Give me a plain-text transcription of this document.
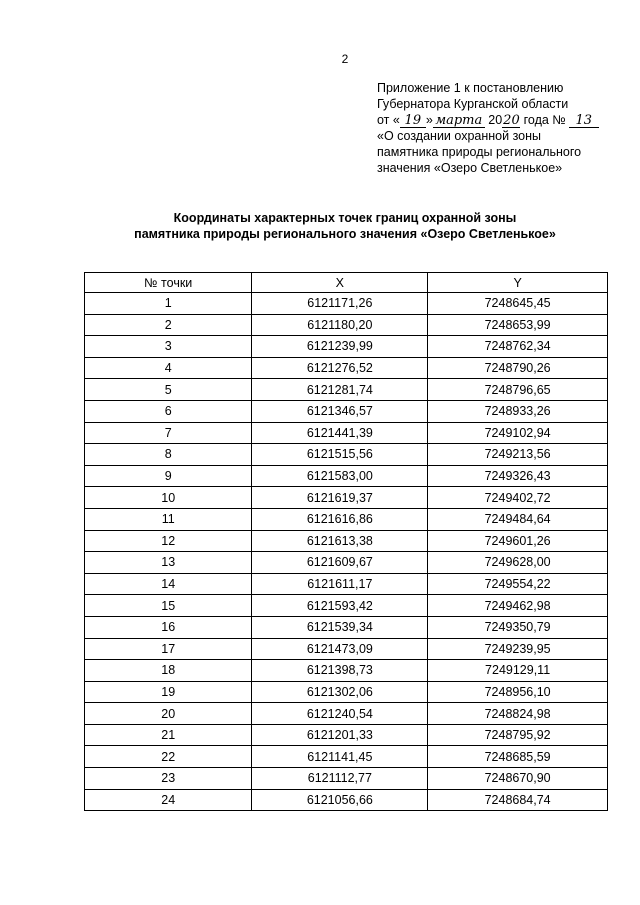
2
Приложение 1 к постановлению
Губернатора Курганской области
от « 19 » марта 2020 года № 13
«О создании охранной зоны
памятника природы регионального
значения «Озеро Светленькое»
Координаты характерных точек границ охранной зоны
памятника природы регионального значения «Озеро Светленькое»
№ точки	X	Y
1	6121171,26	7248645,45
2	6121180,20	7248653,99
3	6121239,99	7248762,34
4	6121276,52	7248790,26
5	6121281,74	7248796,65
6	6121346,57	7248933,26
7	6121441,39	7249102,94
8	6121515,56	7249213,56
9	6121583,00	7249326,43
10	6121619,37	7249402,72
11	6121616,86	7249484,64
12	6121613,38	7249601,26
13	6121609,67	7249628,00
14	6121611,17	7249554,22
15	6121593,42	7249462,98
16	6121539,34	7249350,79
17	6121473,09	7249239,95
18	6121398,73	7249129,11
19	6121302,06	7248956,10
20	6121240,54	7248824,98
21	6121201,33	7248795,92
22	6121141,45	7248685,59
23	6121112,77	7248670,90
24	6121056,66	7248684,74
